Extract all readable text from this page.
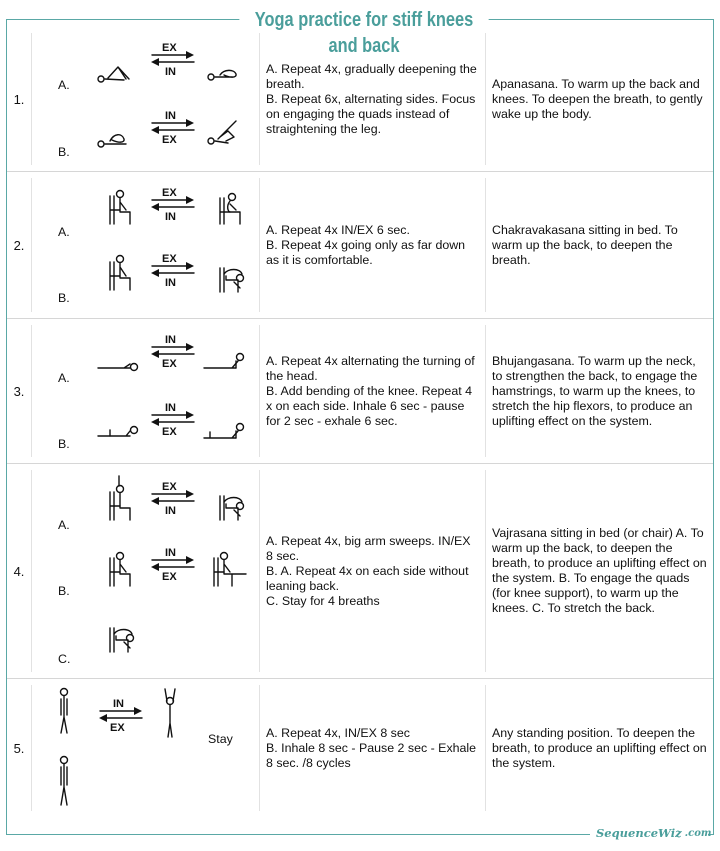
Yoga practice for stiff knees and back
1.
A.
B.
EX
IN
IN
EX
A. Repeat 4x, gradually deepening the breath.
B. Repeat 6x, alternating sides. Focus on engaging the quads instead of straightening the leg.
Apanasana. To warm up the back and knees. To deepen the breath, to gently wake up the body.
2.
A.
B.
EX
IN
EX
IN
A. Repeat 4x IN/EX 6 sec.
B. Repeat 4x going only as far down as it is comfortable.
Chakravakasana sitting in bed. To warm up the back, to deepen the breath.
3.
A.
B.
IN
EX
IN
EX
A. Repeat 4x alternating the turning of the head.
B. Add bending of the knee. Repeat 4 x on each side. Inhale 6 sec - pause for 2 sec - exhale 6 sec.
Bhujangasana. To warm up the neck, to strengthen the back, to engage the hamstrings, to warm up the knees, to stretch the hip flexors, to produce an uplifting effect on the system.
4.
A.
B.
C.
EX
IN
IN
EX
A. Repeat 4x, big arm sweeps. IN/EX 8 sec.
B. A. Repeat 4x on each side without leaning back.
C. Stay for 4 breaths
Vajrasana sitting in bed (or chair) A. To warm up the back, to deepen the breath, to produce an uplifting effect on the system. B. To engage the quads (for knee support), to warm up the knees. C. To stretch the back.
5.
IN
EX
Stay	A. Repeat 4x, IN/EX 8 sec
B. Inhale 8 sec - Pause 2 sec - Exhale 8 sec. /8 cycles
Any standing position. To deepen the breath, to produce an uplifting effect on the system.
SequenceWiz .com
